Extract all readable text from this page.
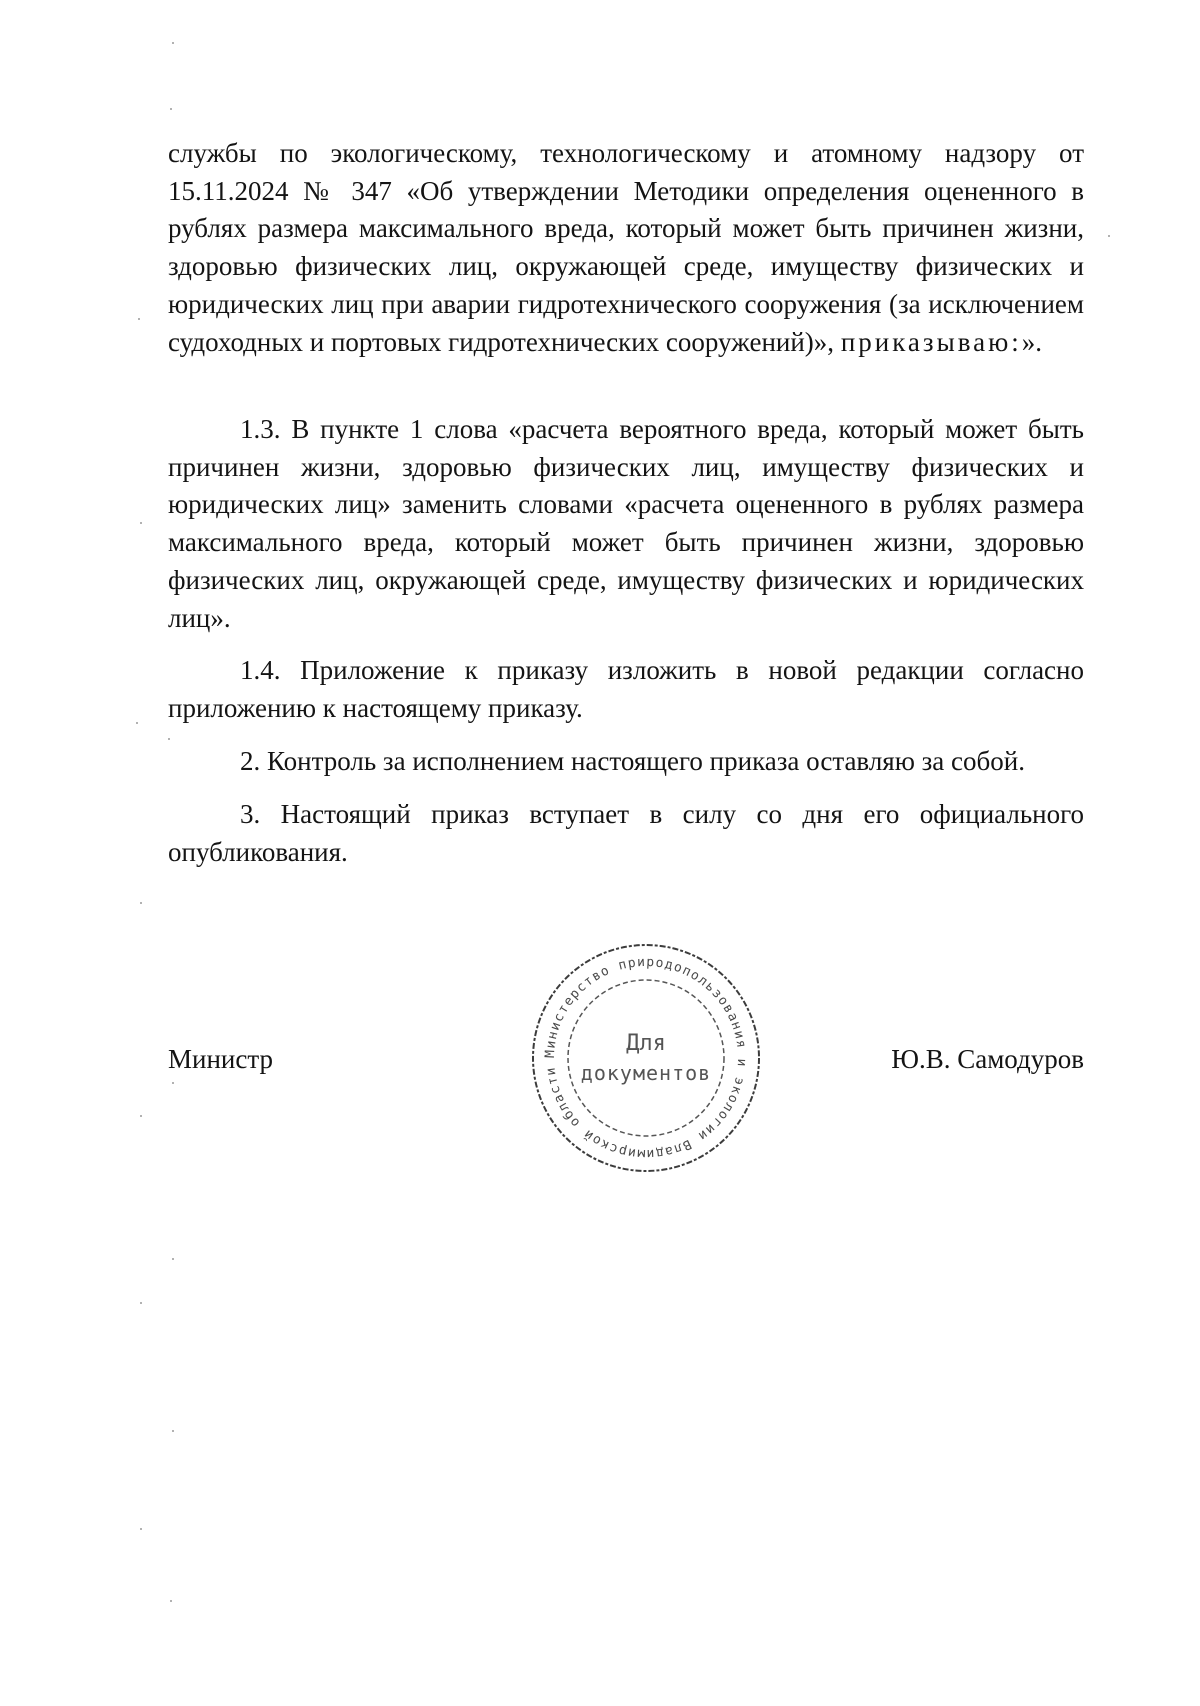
службы по экологическому, технологическому и атомному надзору от 15.11.2024 № 347 «Об утверждении Методики определения оцененного в рублях размера максимального вреда, который может быть причинен жизни, здоровью физических лиц, окружающей среде, имуществу физических и юридических лиц при аварии гидротехнического сооружения (за исключением судоходных и портовых гидротехнических сооружений)», приказываю:».

1.3. В пункте 1 слова «расчета вероятного вреда, который может быть причинен жизни, здоровью физических лиц, имуществу физических и юридических лиц» заменить словами «расчета оцененного в рублях размера максимального вреда, который может быть причинен жизни, здоровью физических лиц, окружающей среде, имуществу физических и юридических лиц».

1.4. Приложение к приказу изложить в новой редакции согласно приложению к настоящему приказу.

2. Контроль за исполнением настоящего приказа оставляю за собой.

3. Настоящий приказ вступает в силу со дня его официального опубликования.

Министр	Ю.В. Самодуров
Министерство природопользования и экологии Владимирской области
Для
документов
